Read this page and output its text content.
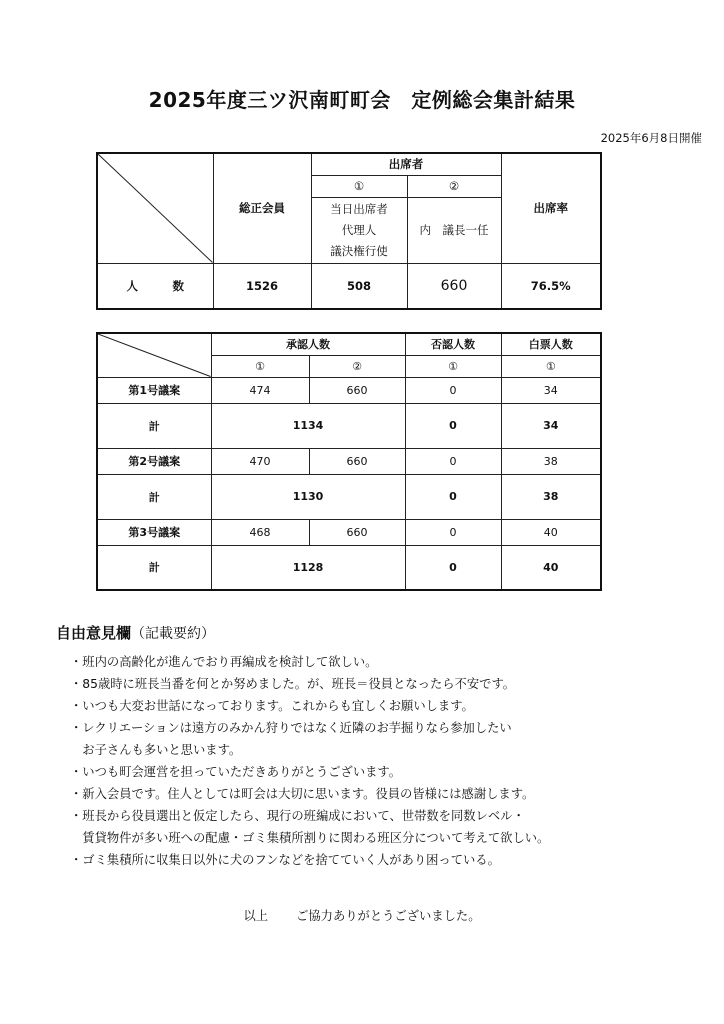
2025年度三ツ沢南町町会　定例総会集計結果
2025年6月8日開催
	総正会員	出席者		出席率
		①	②	

		当日出席者
代理人
議決権行使	内　議長一任	
人　　　数	1526	508	660	76.5%
	承認人数		否認人数	白票人数
	①	②	①	①
第1号議案	474	660	0	34
計	1134		0	34
第2号議案	470	660	0	38
計	1130		0	38
第3号議案	468	660	0	40
計	1128		0	40
自由意見欄（記載要約）
・班内の高齢化が進んでおり再編成を検討して欲しい。
・85歳時に班長当番を何とか努めました。が、班長＝役員となったら不安です。
・いつも大変お世話になっております。これからも宜しくお願いします。
・レクリエーションは遠方のみかん狩りではなく近隣のお芋掘りなら参加したい
　お子さんも多いと思います。
・いつも町会運営を担っていただきありがとうございます。
・新入会員です。住人としては町会は大切に思います。役員の皆様には感謝します。
・班長から役員選出と仮定したら、現行の班編成において、世帯数を同数レベル・
　賃貸物件が多い班への配慮・ゴミ集積所割りに関わる班区分について考えて欲しい。
・ゴミ集積所に収集日以外に犬のフンなどを捨てていく人があり困っている。
以上 ご協力ありがとうございました。
